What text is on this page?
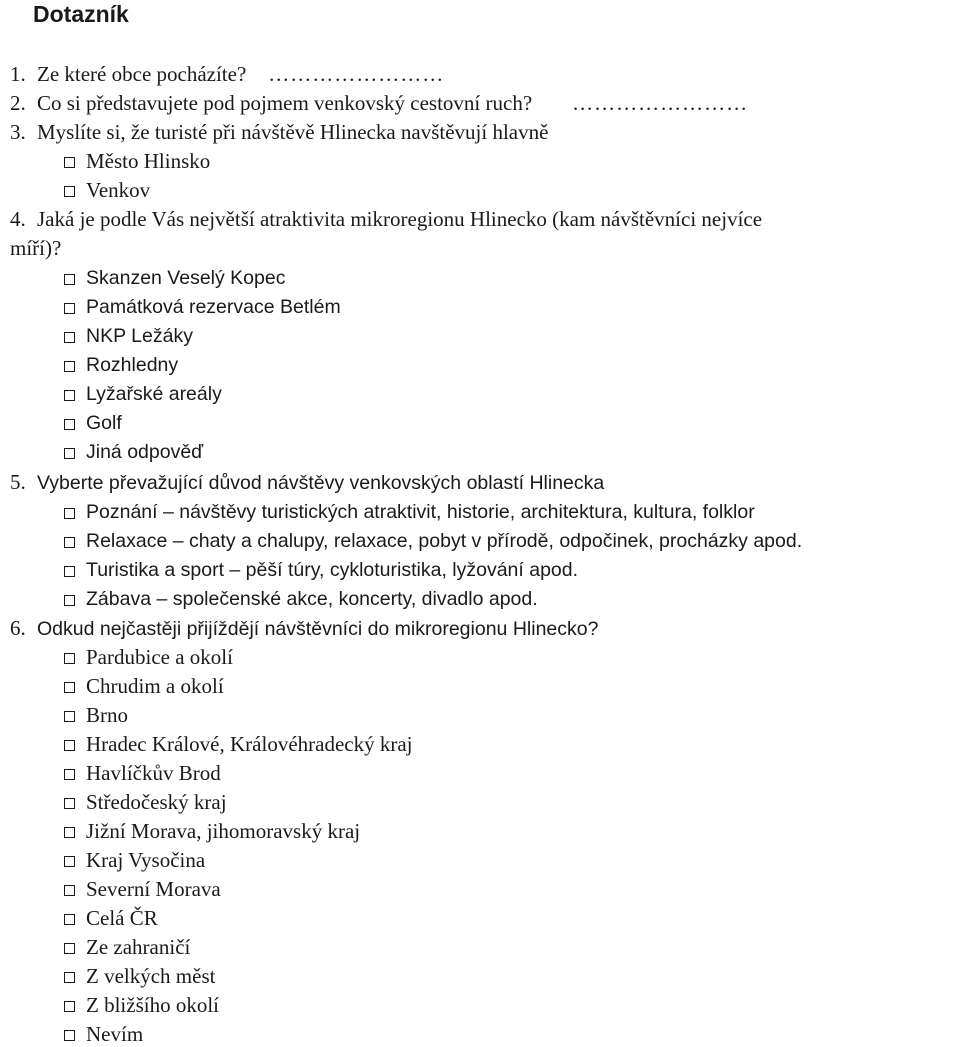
Dotazník
1. Ze které obce pocházíte? ……………………
2. Co si představujete pod pojmem venkovský cestovní ruch? ……………………
3. Myslíte si, že turisté při návštěvě Hlinecka navštěvují hlavně
Město Hlinsko
Venkov
4. Jaká je podle Vás největší atraktivita mikroregionu Hlinecko (kam návštěvníci nejvíce
míří)?
Skanzen Veselý Kopec
Památková rezervace Betlém
NKP Ležáky
Rozhledny
Lyžařské areály
Golf
Jiná odpověď
5. Vyberte převažující důvod návštěvy venkovských oblastí Hlinecka
Poznání – návštěvy turistických atraktivit, historie, architektura, kultura, folklor
Relaxace – chaty a chalupy, relaxace, pobyt v přírodě, odpočinek, procházky apod.
Turistika a sport – pěší túry, cykloturistika, lyžování apod.
Zábava – společenské akce, koncerty, divadlo apod.
6. Odkud nejčastěji přijíždějí návštěvníci do mikroregionu Hlinecko?
Pardubice a okolí
Chrudim a okolí
Brno
Hradec Králové, Královéhradecký kraj
Havlíčkův Brod
Středočeský kraj
Jižní Morava, jihomoravský kraj
Kraj Vysočina
Severní Morava
Celá ČR
Ze zahraničí
Z velkých měst
Z bližšího okolí
Nevím
